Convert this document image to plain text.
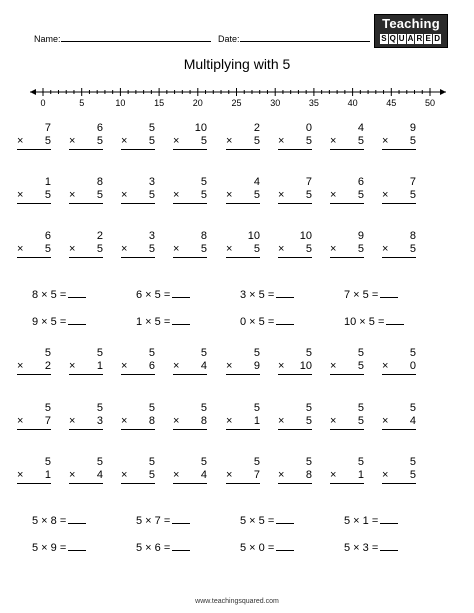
Name:	Date:
Teaching
S Q U A R E D
Multiplying with 5
0	5	10	15	20	25	30	35	40	45	50
7
× 5
6
× 5
5
× 5
10
× 5
2
× 5
0
× 5
4
× 5
9
× 5
1
× 5
8
× 5
3
× 5
5
× 5
4
× 5
7
× 5
6
× 5
7
× 5
6
× 5
2
× 5
3
× 5
8
× 5
10
× 5
10
× 5
9
× 5
8
× 5
8 × 5 =	6 × 5 =	3 × 5 =	7 × 5 =
9 × 5 =	1 × 5 =	0 × 5 =	10 × 5 =
5
× 2
5
× 1
5
× 6
5
× 4
5
× 9
5
× 10
5
× 5
5
× 0
5
× 7
5
× 3
5
× 8
5
× 8
5
× 1
5
× 5
5
× 5
5
× 4
5
× 1
5
× 4
5
× 5
5
× 4
5
× 7
5
× 8
5
× 1
5
× 5
5 × 8 =	5 × 7 =	5 × 5 =	5 × 1 =
5 × 9 =	5 × 6 =	5 × 0 =	5 × 3 =
www.teachingsquared.com
